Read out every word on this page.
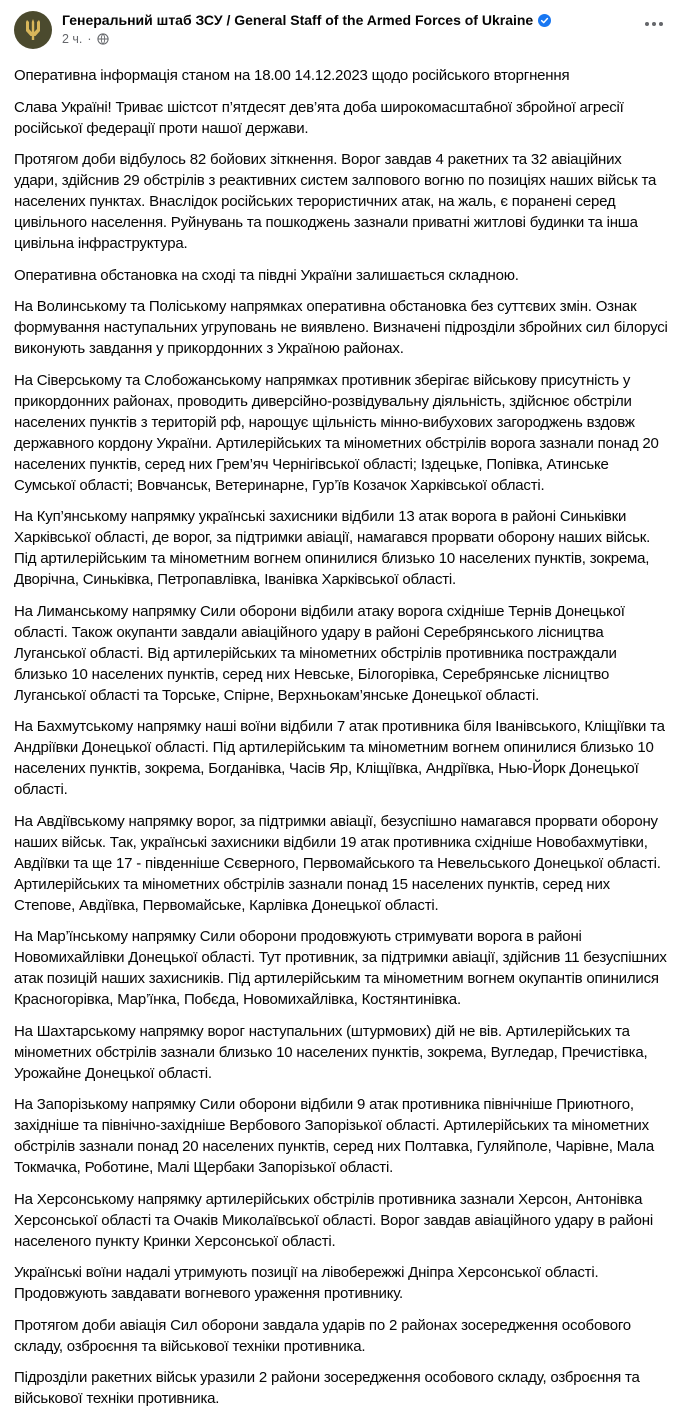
Генеральний штаб ЗСУ / General Staff of the Armed Forces of Ukraine
2 ч. ·

Оперативна інформація станом на 18.00 14.12.2023 щодо російського вторгнення

Слава Україні! Триває шістсот п’ятдесят дев’ята доба широкомасштабної збройної агресії російської федерації проти нашої держави.

Протягом доби відбулось 82 бойових зіткнення. Ворог завдав 4 ракетних та 32 авіаційних удари, здійснив 29 обстрілів з реактивних систем залпового вогню по позиціях наших військ та населених пунктах. Внаслідок російських терористичних атак, на жаль, є поранені серед цивільного населення. Руйнувань та пошкоджень зазнали приватні житлові будинки та інша цивільна інфраструктура.

Оперативна обстановка на сході та півдні України залишається складною.

На Волинському та Поліському напрямках оперативна обстановка без суттєвих змін. Ознак формування наступальних угруповань не виявлено. Визначені підрозділи збройних сил білорусі виконують завдання у прикордонних з Україною районах.

На Сіверському та Слобожанському напрямках противник зберігає військову присутність у прикордонних районах, проводить диверсійно-розвідувальну діяльність, здійснює обстріли населених пунктів з територій рф, нарощує щільність мінно-вибухових загороджень вздовж державного кордону України. Артилерійських та мінометних обстрілів ворога зазнали понад 20 населених пунктів, серед них Грем’яч Чернігівської області; Іздецьке, Попівка, Атинське Сумської області; Вовчанськ, Ветеринарне, Гур’їв Козачок Харківської області.

На Куп’янському напрямку українські захисники відбили 13 атак ворога в районі Синьківки Харківської області, де ворог, за підтримки авіації, намагався прорвати оборону наших військ. Під артилерійським та мінометним вогнем опинилися близько 10 населених пунктів, зокрема, Дворічна, Синьківка, Петропавлівка, Іванівка Харківської області.

На Лиманському напрямку Сили оборони відбили атаку ворога східніше Тернів Донецької області. Також окупанти завдали авіаційного удару в районі Серебрянського лісництва Луганської області. Від артилерійських та мінометних обстрілів противника постраждали близько 10 населених пунктів, серед них Невське, Білогорівка, Серебрянське лісництво Луганської області та Торське, Спірне, Верхньокам’янське Донецької області.

На Бахмутському напрямку наші воїни відбили 7 атак противника біля Іванівського, Кліщіївки та Андріївки Донецької області. Під артилерійським та мінометним вогнем опинилися близько 10 населених пунктів, зокрема, Богданівка, Часів Яр, Кліщіївка, Андріївка, Нью-Йорк Донецької області.

На Авдіївському напрямку ворог, за підтримки авіації, безуспішно намагався прорвати оборону наших військ. Так, українські захисники відбили 19 атак противника східніше Новобахмутівки, Авдіївки та ще 17 - південніше Сєверного, Первомайського та Невельського Донецької області. Артилерійських та мінометних обстрілів зазнали понад 15 населених пунктів, серед них Степове, Авдіївка, Первомайське, Карлівка Донецької області.

На Мар’їнському напрямку Сили оборони продовжують стримувати ворога в районі Новомихайлівки Донецької області. Тут противник, за підтримки авіації, здійснив 11 безуспішних атак позицій наших захисників. Під артилерійським та мінометним вогнем окупантів опинилися Красногорівка, Мар’їнка, Побєда, Новомихайлівка, Костянтинівка.

На Шахтарському напрямку ворог наступальних (штурмових) дій не вів. Артилерійських та мінометних обстрілів зазнали близько 10 населених пунктів, зокрема, Вугледар, Пречистівка, Урожайне Донецької області.

На Запорізькому напрямку Сили оборони відбили 9 атак противника північніше Приютного, західніше та північно-західніше Вербового Запорізької області. Артилерійських та мінометних обстрілів зазнали понад 20 населених пунктів, серед них Полтавка, Гуляйполе, Чарівне, Мала Токмачка, Роботине, Малі Щербаки Запорізької області.

На Херсонському напрямку артилерійських обстрілів противника зазнали Херсон, Антонівка Херсонської області та Очаків Миколаївської області. Ворог завдав авіаційного удару в районі населеного пункту Кринки Херсонської області.

Українські воїни надалі утримують позиції на лівобережжі Дніпра Херсонської області. Продовжують завдавати вогневого ураження противнику.

Протягом доби авіація Сил оборони завдала ударів по 2 районах зосередження особового складу, озброєння та військової техніки противника.

Підрозділи ракетних військ уразили 2 райони зосередження особового складу, озброєння та військової техніки противника.
